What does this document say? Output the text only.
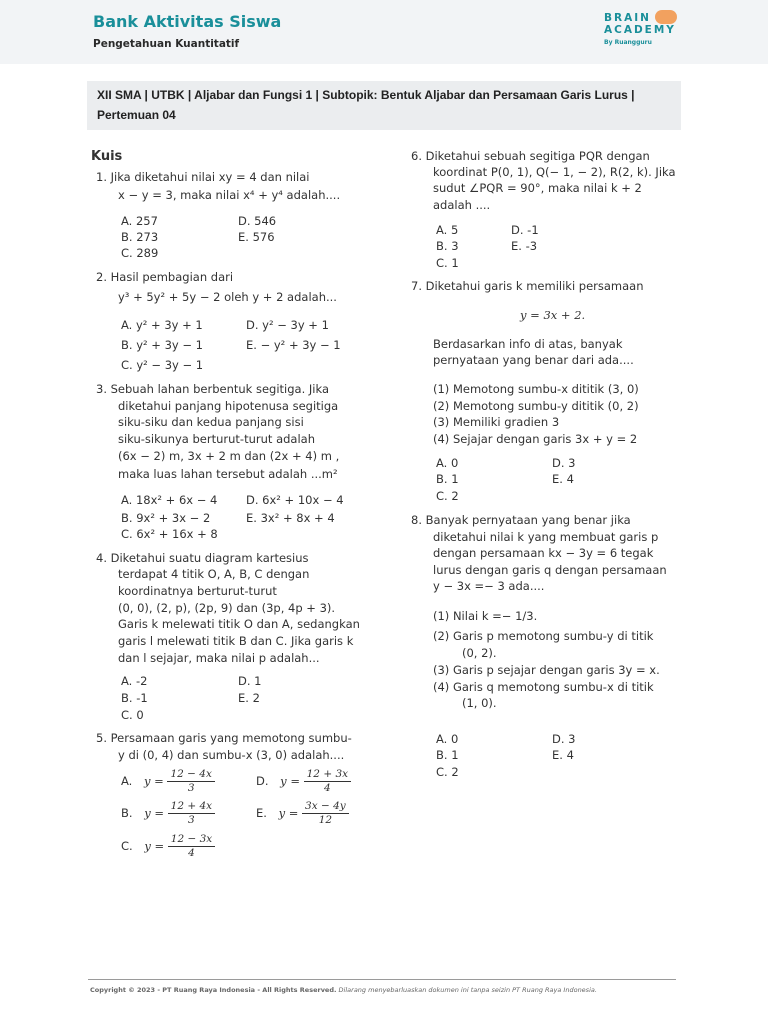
Bank Aktivitas Siswa
Pengetahuan Kuantitatif
BRAIN
ACADEMY
By Ruangguru
XII SMA | UTBK | Aljabar dan Fungsi 1 | Subtopik: Bentuk Aljabar dan Persamaan Garis Lurus | Pertemuan 04
Kuis
1. Jika diketahui nilai xy = 4 dan nilai
x − y = 3, maka nilai x⁴ + y⁴ adalah....
A. 257	D. 546
B. 273	E. 576
C. 289
2. Hasil pembagian dari
y³ + 5y² + 5y − 2 oleh y + 2 adalah...
A. y² + 3y + 1	D. y² − 3y + 1
B. y² + 3y − 1	E. − y² + 3y − 1
C. y² − 3y − 1
3. Sebuah lahan berbentuk segitiga. Jika
diketahui panjang hipotenusa segitiga
siku-siku dan kedua panjang sisi
siku-sikunya berturut-turut adalah
(6x − 2) m, 3x + 2 m dan (2x + 4) m ,
maka luas lahan tersebut adalah ...m²
A. 18x² + 6x − 4 D. 6x² + 10x − 4
B. 9x² + 3x − 2	E. 3x² + 8x + 4
C. 6x² + 16x + 8
4. Diketahui suatu diagram kartesius
terdapat 4 titik O, A, B, C dengan
koordinatnya berturut-turut
(0, 0), (2, p), (2p, 9) dan (3p, 4p + 3).
Garis k melewati titik O dan A, sedangkan
garis l melewati titik B dan C. Jika garis k
dan l sejajar, maka nilai p adalah...
A. -2	D. 1
B. -1	E. 2
C. 0
5. Persamaan garis yang memotong sumbu-
y di (0, 4) dan sumbu-x (3, 0) adalah....
A. $y = \frac{12 - 4x}{3}$	D. $y = \frac{12 + 3x}{4}$
B. $y = \frac{12 + 4x}{3}$	E. $y = \frac{3x - 4y}{12}$
C. $y = \frac{12 - 3x}{4}$
6. Diketahui sebuah segitiga PQR dengan
koordinat P(0, 1), Q(− 1, − 2), R(2, k). Jika
sudut ∠PQR = 90°, maka nilai k + 2
adalah ....
A. 5	D. -1
B. 3	E. -3
C. 1
7. Diketahui garis k memiliki persamaan
y = 3x + 2.
Berdasarkan info di atas, banyak
pernyataan yang benar dari ada....
(1) Memotong sumbu-x dititik (3, 0)
(2) Memotong sumbu-y dititik (0, 2)
(3) Memiliki gradien 3
(4) Sejajar dengan garis 3x + y = 2
A. 0	D. 3
B. 1	E. 4
C. 2
8. Banyak pernyataan yang benar jika
diketahui nilai k yang membuat garis p
dengan persamaan kx − 3y = 6 tegak
lurus dengan garis q dengan persamaan
y − 3x =− 3 ada....
(1) Nilai k =− 1/3.
(2) Garis p memotong sumbu-y di titik
(0, 2).
(3) Garis p sejajar dengan garis 3y = x.
(4) Garis q memotong sumbu-x di titik
(1, 0).
A. 0	D. 3
B. 1	E. 4
C. 2
Copyright © 2023 - PT Ruang Raya Indonesia - All Rights Reserved. Dilarang menyebarluaskan dokumen ini tanpa seizin PT Ruang Raya Indonesia.
